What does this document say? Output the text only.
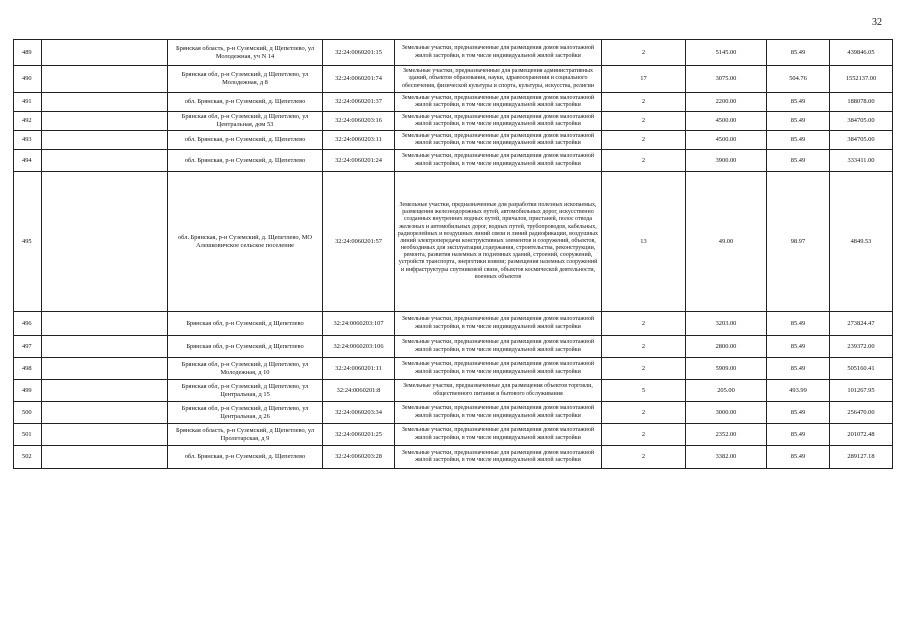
32
489		Брянская область, р-н Суземский, д Щепетлево, ул Молодежная, уч N 14	32:24:0060201:15	Земельные участки, предназначенные для размещения домов малоэтажной жилой застройки, в том числе индивидуальной жилой застройки	2	5145.00	85.49	439846.05
490		Брянская обл, р-н Суземский, д Щепетлево, ул Молодежная, д 8	32:24:0060201:74	Земельные участки, предназначенные для размещения административных зданий, объектов образования, науки, здравоохранения и социального обеспечения, физической культуры и спорта, культуры, искусства, религии	17	3075.00	504.76	1552137.00
491		обл. Брянская, р-н Суземский, д. Щепетлево	32:24:0060201:37	Земельные участки, предназначенные для размещения домов малоэтажной жилой застройки, в том числе индивидуальной жилой застройки	2	2200.00	85.49	188078.00
492		Брянская обл, р-н Суземский, д Щепетлево, ул Центральная, дом 53	32:24:0060203:16	Земельные участки, предназначенные для размещения домов малоэтажной жилой застройки, в том числе индивидуальной жилой застройки	2	4500.00	85.49	384705.00
493		обл. Брянская, р-н Суземский, д. Щепетлево	32:24:0060203:11	Земельные участки, предназначенные для размещения домов малоэтажной жилой застройки, в том числе индивидуальной жилой застройки	2	4500.00	85.49	384705.00
494		обл. Брянская, р-н Суземский, д. Щепетлево	32:24:0060201:24	Земельные участки, предназначенные для размещения домов малоэтажной жилой застройки, в том числе индивидуальной жилой застройки	2	3900.00	85.49	333411.00
495		обл. Брянская, р-н Суземский, д. Щепетлево, МО Алешковичское сельское поселение	32:24:0060201:57	Земельные участки, предназначенные для разработки полезных ископаемых, размещения железнодорожных путей, автомобильных дорог, искусственно созданных внутренних водных путей, причалов, пристаней, полос отвода железных и автомобильных дорог, водных путей, трубопроводов, кабельных, радиорелейных и воздушных линий связи и линий радиофикации, воздушных линий электропередачи конструктивных элементов и сооружений, объектов, необходимых для эксплуатации,содержания, строительства, реконструкции, ремонта, развития наземных и подземных зданий, строений, сооружений, устройств транспорта, энергетики иэвязи; размещения наземных сооружений и инфраструктуры спутниковой связи, объектов космической деятельности, военных объектов	13	49.00	98.97	4849.53
496		Брянская обл, р-н Суземский, д Щепетлево	32:24:0060203:107	Земельные участки, предназначенные для размещения домов малоэтажной жилой застройки, в том числе индивидуальной жилой застройки	2	3203.00	85.49	273824.47
497		Брянская обл, р-н Суземский, д Щепетлево	32:24:0060203:106	Земельные участки, предназначенные для размещения домов малоэтажной жилой застройки, в том числе индивидуальной жилой застройки	2	2800.00	85.49	239372.00
498		Брянская обл, р-н Суземский, д Щепетлево, ул Молодежная, д 10	32:24:0060201:11	Земельные участки, предназначенные для размещения домов малоэтажной жилой застройки, в том числе индивидуальной жилой застройки	2	5909.00	85.49	505160.41
499		Брянская обл, р-н Суземский, д Щепетлево, ул Центральная, д 15	32:24:0060201:8	Земельные участки, предназначенные для размещения объектов торговли, общественного питания и бытового обслуживания	5	205.00	493.99	101267.95
500		Брянская обл, р-н Суземский, д Щепетлево, ул Центральная, д 26	32:24:0060203:34	Земельные участки, предназначенные для размещения домов малоэтажной жилой застройки, в том числе индивидуальной жилой застройки	2	3000.00	85.49	256470.00
501		Брянская область, р-н Суземский, д Щепетлево, ул Пролетарская, д 9	32:24:0060201:25	Земельные участки, предназначенные для размещения домов малоэтажной жилой застройки, в том числе индивидуальной жилой застройки	2	2352.00	85.49	201072.48
502		обл. Брянская, р-н Суземский, д. Щепетлево	32:24:0060203:28	Земельные участки, предназначенные для размещения домов малоэтажной жилой застройки, в том числе индивидуальной жилой застройки	2	3382.00	85.49	289127.18
